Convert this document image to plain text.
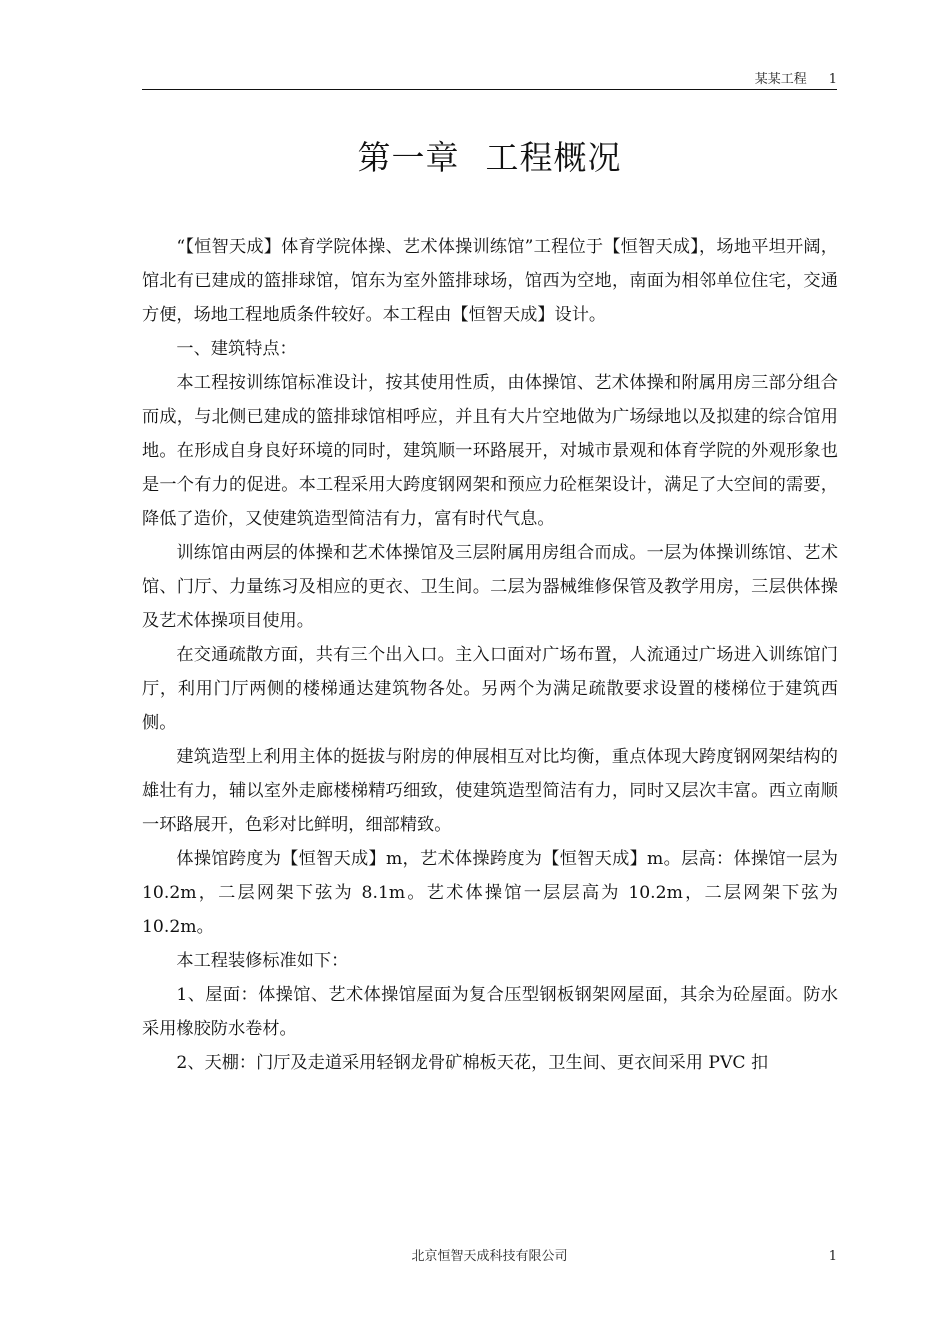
某某工程 1
第一章 工程概况

“【恒智天成】体育学院体操、艺术体操训练馆”工程位于【恒智天成】，场地平坦开阔，馆北有已建成的篮排球馆，馆东为室外篮排球场，馆西为空地，南面为相邻单位住宅，交通方便，场地工程地质条件较好。本工程由【恒智天成】设计。

一、建筑特点：

本工程按训练馆标准设计，按其使用性质，由体操馆、艺术体操和附属用房三部分组合而成，与北侧已建成的篮排球馆相呼应，并且有大片空地做为广场绿地以及拟建的综合馆用地。在形成自身良好环境的同时，建筑顺一环路展开，对城市景观和体育学院的外观形象也是一个有力的促进。本工程采用大跨度钢网架和预应力砼框架设计，满足了大空间的需要，降低了造价，又使建筑造型简洁有力，富有时代气息。

训练馆由两层的体操和艺术体操馆及三层附属用房组合而成。一层为体操训练馆、艺术馆、门厅、力量练习及相应的更衣、卫生间。二层为器械维修保管及教学用房，三层供体操及艺术体操项目使用。

在交通疏散方面，共有三个出入口。主入口面对广场布置，人流通过广场进入训练馆门厅，利用门厅两侧的楼梯通达建筑物各处。另两个为满足疏散要求设置的楼梯位于建筑西侧。

建筑造型上利用主体的挺拔与附房的伸展相互对比均衡，重点体现大跨度钢网架结构的雄壮有力，辅以室外走廊楼梯精巧细致，使建筑造型简洁有力，同时又层次丰富。西立南顺一环路展开，色彩对比鲜明，细部精致。

体操馆跨度为【恒智天成】m，艺术体操跨度为【恒智天成】m。层高：体操馆一层为 10.2m，二层网架下弦为 8.1m。艺术体操馆一层层高为 10.2m，二层网架下弦为 10.2m。

本工程装修标准如下：

1、屋面：体操馆、艺术体操馆屋面为复合压型钢板钢架网屋面，其余为砼屋面。防水采用橡胶防水卷材。

2、天棚：门厅及走道采用轻钢龙骨矿棉板天花，卫生间、更衣间采用 PVC 扣

北京恒智天成科技有限公司	1
